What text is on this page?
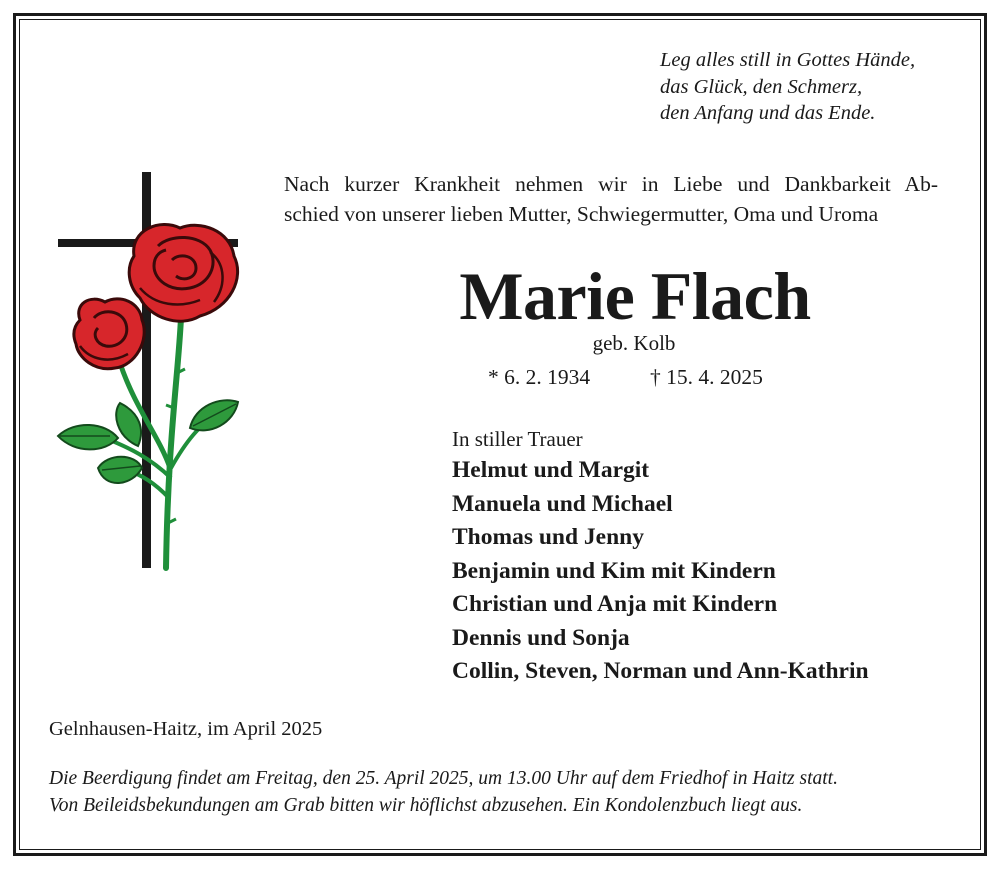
Leg alles still in Gottes Hände,
das Glück, den Schmerz,
den Anfang und das Ende.
Nach kurzer Krankheit nehmen wir in Liebe und Dankbarkeit Ab-
schied von unserer lieben Mutter, Schwiegermutter, Oma und Uroma
Marie Flach
geb. Kolb
* 6. 2. 1934	† 15. 4. 2025
In stiller Trauer
Helmut und Margit
Manuela und Michael
Thomas und Jenny
Benjamin und Kim mit Kindern
Christian und Anja mit Kindern
Dennis und Sonja
Collin, Steven, Norman und Ann-Kathrin
Gelnhausen-Haitz, im April 2025
Die Beerdigung findet am Freitag, den 25. April 2025, um 13.00 Uhr auf dem Friedhof in Haitz statt.
Von Beileidsbekundungen am Grab bitten wir höflichst abzusehen. Ein Kondolenzbuch liegt aus.
